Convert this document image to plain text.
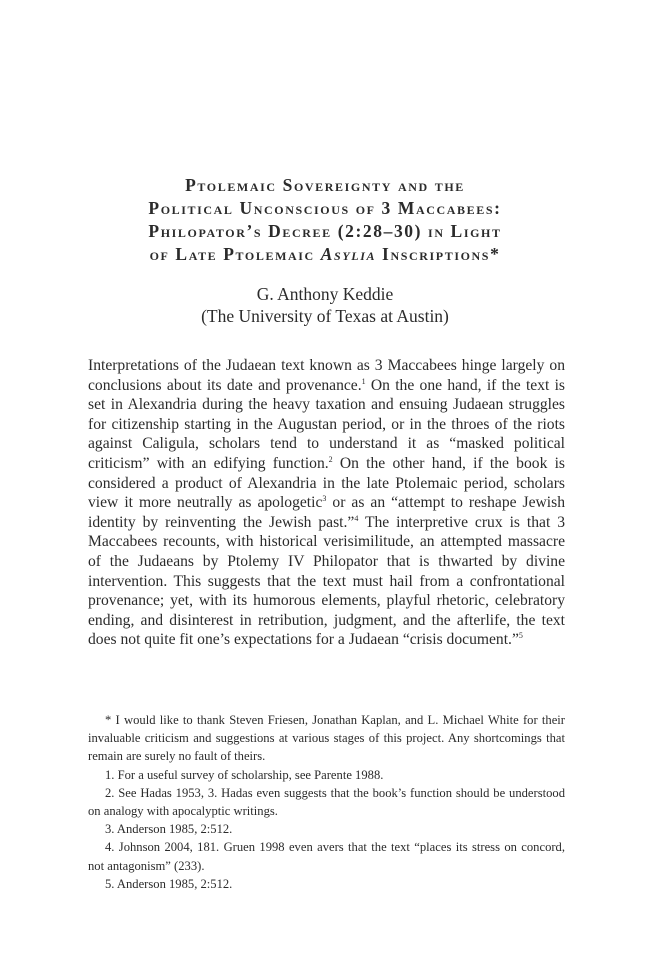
Ptolemaic Sovereignty and the
Political Unconscious of 3 Maccabees:
Philopator’s Decree (2:28–30) in Light
of Late Ptolemaic Asylia Inscriptions*
G. Anthony Keddie
(The University of Texas at Austin)

Interpretations of the Judaean text known as 3 Maccabees hinge largely on conclusions about its date and provenance.$^1$ On the one hand, if the text is set in Alexandria during the heavy taxation and ensuing Judaean struggles for citizenship starting in the Augustan period, or in the throes of the riots against Caligula, scholars tend to understand it as “masked political criticism” with an edifying function.$^2$ On the other hand, if the book is considered a product of Alexandria in the late Ptolemaic period, scholars view it more neutrally as apologetic$^3$ or as an “attempt to reshape Jewish identity by reinventing the Jewish past.”$^4$ The interpretive crux is that 3 Maccabees recounts, with historical verisimilitude, an attempted massacre of the Judaeans by Ptolemy IV Philopator that is thwarted by divine intervention. This suggests that the text must hail from a confrontational provenance; yet, with its humorous elements, playful rhetoric, celebratory ending, and disinterest in retribution, judgment, and the afterlife, the text does not quite fit one’s expectations for a Judaean “crisis document.”$^5$

* I would like to thank Steven Friesen, Jonathan Kaplan, and L. Michael White for their invaluable criticism and suggestions at various stages of this project. Any shortcomings that remain are surely no fault of theirs.

1. For a useful survey of scholarship, see Parente 1988.

2. See Hadas 1953, 3. Hadas even suggests that the book’s function should be understood on analogy with apocalyptic writings.

3. Anderson 1985, 2:512.

4. Johnson 2004, 181. Gruen 1998 even avers that the text “places its stress on concord, not antagonism” (233).

5. Anderson 1985, 2:512.
